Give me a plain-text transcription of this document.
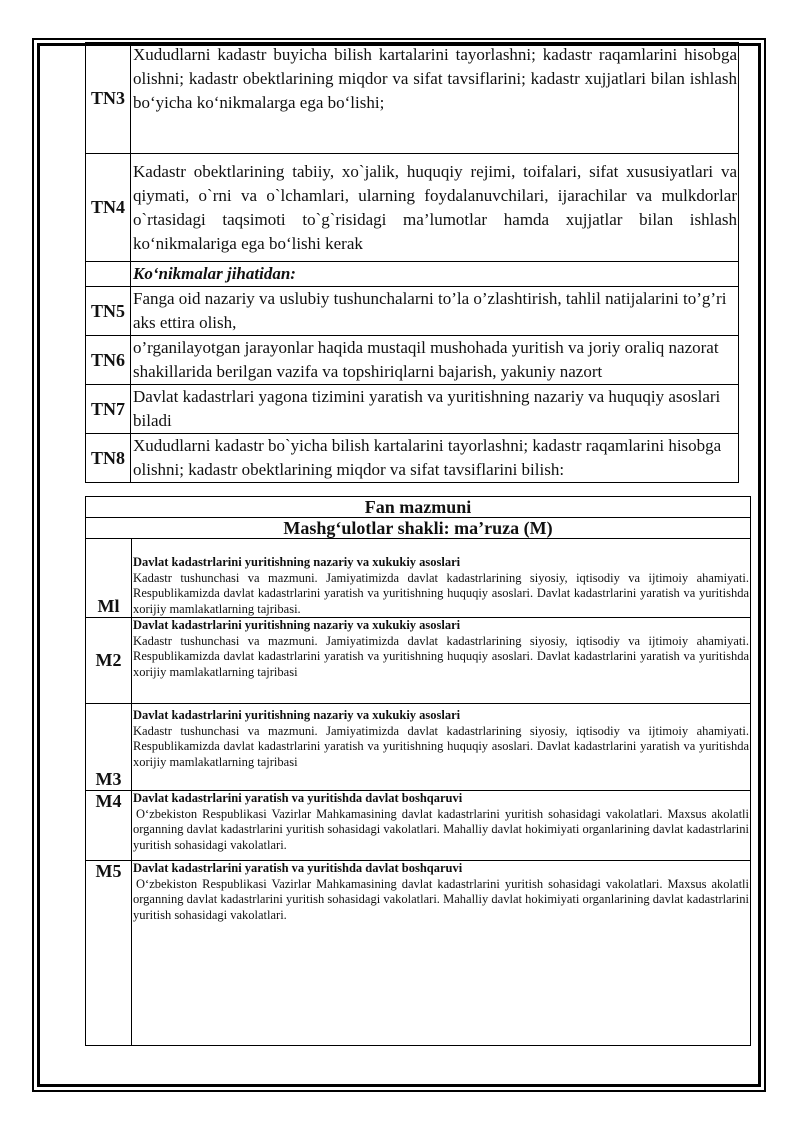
TN3	Xududlarni kadastr buyicha bilish kartalarini tayorlashni; kadastr raqamlarini hisobga olishni; kadastr obektlarining miqdor va sifat tavsiflarini; kadastr xujjatlari bilan ishlash bo‘yicha ko‘nikmalarga ega bo‘lishi;
TN4	Kadastr obektlarining tabiiy, xo`jalik, huquqiy rejimi, toifalari, sifat xususiyatlari va qiymati, o`rni va o`lchamlari, ularning foydalanuvchilari, ijarachilar va mulkdorlar o`rtasidagi taqsimoti to`g`risidagi ma’lumotlar hamda xujjatlar bilan ishlash ko‘nikmalariga ega bo‘lishi kerak
	Ko‘nikmalar jihatidan:
TN5	Fanga oid nazariy va uslubiy tushunchalarni to’la o’zlashtirish, tahlil natijalarini to’g’ri aks ettira olish,
TN6	o’rganilayotgan jarayonlar haqida mustaqil mushohada yuritish va joriy oraliq nazorat shakillarida berilgan vazifa va topshiriqlarni bajarish, yakuniy nazort
TN7	Davlat kadastrlari yagona tizimini yaratish va yuritishning nazariy va huquqiy asoslari biladi
TN8	Xududlarni kadastr bo`yicha bilish kartalarini tayorlashni; kadastr raqamlarini hisobga olishni; kadastr obektlarining miqdor va sifat tavsiflarini bilish:
Fan mazmuni	
Mashg‘ulotlar shakli: ma’ruza (M)	
Ml	Davlat kadastrlarini yuritishning nazariy va xukukiy asoslari
Kadastr tushunchasi va mazmuni. Jamiyatimizda davlat kadastrlarining siyosiy, iqtisodiy va ijtimoiy ahamiyati. Respublikamizda davlat kadastrlarini yaratish va yuritishning huquqiy asoslari. Davlat kadastrlarini yaratish va yuritishda xorijiy mamlakatlarning tajribasi.

M2	Davlat kadastrlarini yuritishning nazariy va xukukiy asoslari
Kadastr tushunchasi va mazmuni. Jamiyatimizda davlat kadastrlarining siyosiy, iqtisodiy va ijtimoiy ahamiyati. Respublikamizda davlat kadastrlarini yaratish va yuritishning huquqiy asoslari. Davlat kadastrlarini yaratish va yuritishda xorijiy mamlakatlarning tajribasi

M3	Davlat kadastrlarini yuritishning nazariy va xukukiy asoslari
Kadastr tushunchasi va mazmuni. Jamiyatimizda davlat kadastrlarining siyosiy, iqtisodiy va ijtimoiy ahamiyati. Respublikamizda davlat kadastrlarini yaratish va yuritishning huquqiy asoslari. Davlat kadastrlarini yaratish va yuritishda xorijiy mamlakatlarning tajribasi

M4	Davlat kadastrlarini yaratish va yuritishda davlat boshqaruvi
O‘zbekiston Respublikasi Vazirlar Mahkamasining davlat kadastrlarini yuritish sohasidagi vakolatlari. Maxsus akolatli organning davlat kadastrlarini yuritish sohasidagi vakolatlari. Mahalliy davlat hokimiyati organlarining davlat kadastrlarini yuritish sohasidagi vakolatlari.

M5	Davlat kadastrlarini yaratish va yuritishda davlat boshqaruvi
O‘zbekiston Respublikasi Vazirlar Mahkamasining davlat kadastrlarini yuritish sohasidagi vakolatlari. Maxsus akolatli organning davlat kadastrlarini yuritish sohasidagi vakolatlari. Mahalliy davlat hokimiyati organlarining davlat kadastrlarini yuritish sohasidagi vakolatlari.
